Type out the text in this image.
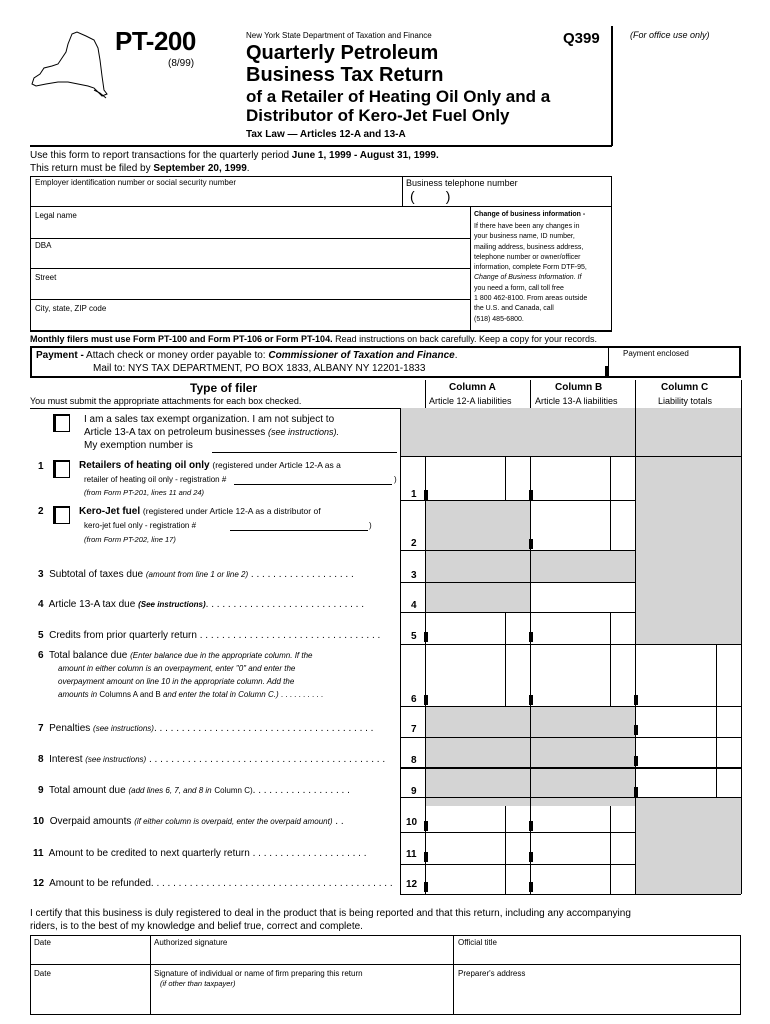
PT-200
(8/99)
New York State Department of Taxation and Finance
Quarterly Petroleum
Business Tax Return
of a Retailer of Heating Oil Only and a
Distributor of Kero-Jet Fuel Only
Tax Law — Articles 12-A and 13-A
Q399	(For office use only)
Use this form to report transactions for the quarterly period June 1, 1999 - August 31, 1999.
This return must be filed by September 20, 1999.
Employer identification number or social security number	Business telephone number
(        )
Legal name
DBA
Street
City, state, ZIP code
Change of business information -
If there have been any changes in
your business name, ID number,
mailing address, business address,
telephone number or owner/officer
information, complete Form DTF-95,
Change of Business Information. If
you need a form, call toll free
1 800 462-8100. From areas outside
the U.S. and Canada, call
(518) 485-6800.
Monthly filers must use Form PT-100 and Form PT-106 or Form PT-104. Read instructions on back carefully. Keep a copy for your records.
Payment - Attach check or money order payable to: Commissioner of Taxation and Finance.
Mail to: NYS TAX DEPARTMENT, PO BOX 1833, ALBANY NY 12201-1833
Payment enclosed
Type of filer
You must submit the appropriate attachments for each box checked.
Column A
Article 12-A liabilities
Column B
Article 13-A liabilities
Column C
Liability totals
I am a sales tax exempt organization. I am not subject to
Article 13-A tax on petroleum businesses (see instructions).
My exemption number is
1	Retailers of heating oil only (registered under Article 12-A as a
retailer of heating oil only - registration #	)
(from Form PT-201, lines 11 and 24)	1
2	Kero-Jet fuel (registered under Article 12-A as a distributor of
kero-jet fuel only - registration #	)
(from Form PT-202, line 17)	2
3 Subtotal of taxes due (amount from line 1 or line 2) . . . . . . . . . . . . . . . . . . .	3
4 Article 13-A tax due (See instructions). . . . . . . . . . . . . . . . . . . . . . . . . . . . .	4
5 Credits from prior quarterly return . . . . . . . . . . . . . . . . . . . . . . . . . . . . . . . . .	5
6 Total balance due (Enter balance due in the appropriate column. If the
amount in either column is an overpayment, enter "0" and enter the
overpayment amount on line 10 in the appropriate column. Add the
amounts in Columns A and B and enter the total in Column C.) . . . . . . . . . .	6
7 Penalties (see instructions). . . . . . . . . . . . . . . . . . . . . . . . . . . . . . . . . . . . . . . .	7
8 Interest (see instructions) . . . . . . . . . . . . . . . . . . . . . . . . . . . . . . . . . . . . . . . . . . .	8
9 Total amount due (add lines 6, 7, and 8 in Column C). . . . . . . . . . . . . . . . . .	9
10 Overpaid amounts (if either column is overpaid, enter the overpaid amount) . .	10
11 Amount to be credited to next quarterly return . . . . . . . . . . . . . . . . . . . . .	11
12 Amount to be refunded. . . . . . . . . . . . . . . . . . . . . . . . . . . . . . . . . . . . . . . . . . . . 12
I certify that this business is duly registered to deal in the product that is being reported and that this return, including any accompanying
riders, is to the best of my knowledge and belief true, correct and complete.
Date	Authorized signature	Official title
Date	Signature of individual or name of firm preparing this return
(if other than taxpayer)
Preparer's address
